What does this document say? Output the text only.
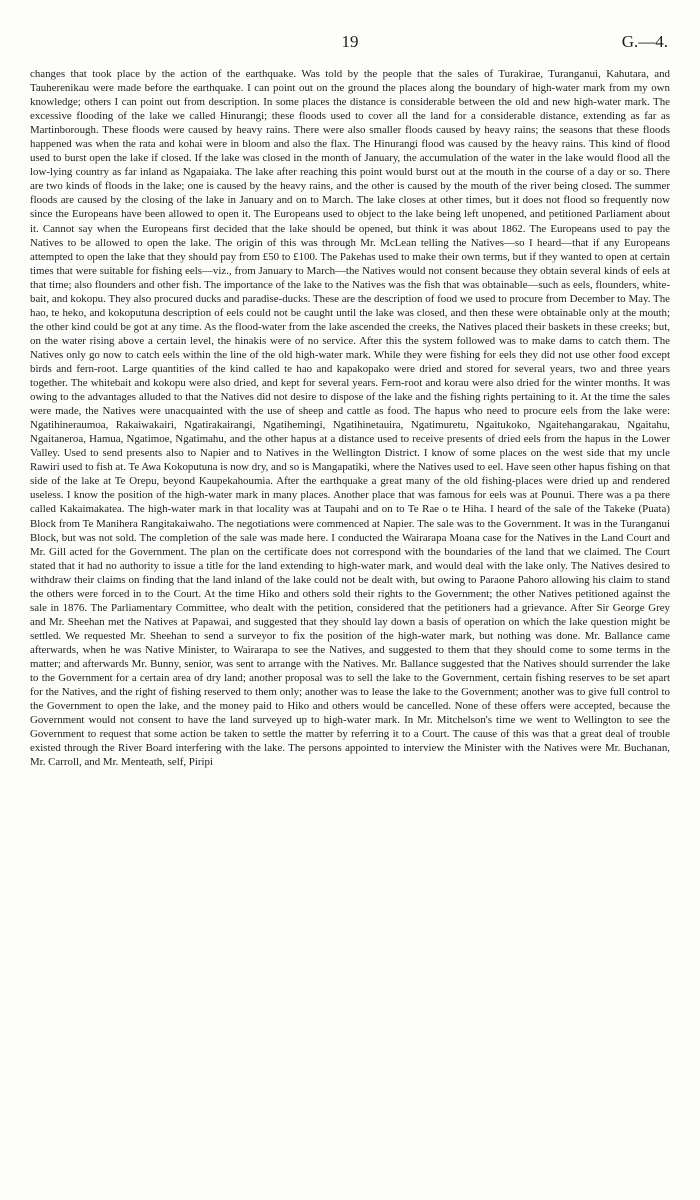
19	G.—4.

changes that took place by the action of the earthquake. Was told by the people that the sales of Turakirae, Turanganui, Kahutara, and Tauherenikau were made before the earthquake. I can point out on the ground the places along the boundary of high-water mark from my own knowledge; others I can point out from description. In some places the distance is considerable between the old and new high-water mark. The excessive flooding of the lake we called Hinurangi; these floods used to cover all the land for a considerable distance, extending as far as Martinborough. These floods were caused by heavy rains. There were also smaller floods caused by heavy rains; the seasons that these floods happened was when the rata and kohai were in bloom and also the flax. The Hinurangi flood was caused by the heavy rains. This kind of flood used to burst open the lake if closed. If the lake was closed in the month of January, the accumulation of the water in the lake would flood all the low-lying country as far inland as Ngapaiaka. The lake after reaching this point would burst out at the mouth in the course of a day or so. There are two kinds of floods in the lake; one is caused by the heavy rains, and the other is caused by the mouth of the river being closed. The summer floods are caused by the closing of the lake in January and on to March. The lake closes at other times, but it does not flood so frequently now since the Europeans have been allowed to open it. The Europeans used to object to the lake being left unopened, and petitioned Parliament about it. Cannot say when the Europeans first decided that the lake should be opened, but think it was about 1862. The Europeans used to pay the Natives to be allowed to open the lake. The origin of this was through Mr. McLean telling the Natives—so I heard—that if any Europeans attempted to open the lake that they should pay from £50 to £100. The Pakehas used to make their own terms, but if they wanted to open at certain times that were suitable for fishing eels—viz., from January to March—the Natives would not consent because they obtain several kinds of eels at that time; also flounders and other fish. The importance of the lake to the Natives was the fish that was obtainable—such as eels, flounders, white-bait, and kokopu. They also procured ducks and paradise-ducks. These are the description of food we used to procure from December to May. The hao, te heko, and kokoputuna description of eels could not be caught until the lake was closed, and then these were obtainable only at the mouth; the other kind could be got at any time. As the flood-water from the lake ascended the creeks, the Natives placed their baskets in these creeks; but, on the water rising above a certain level, the hinakis were of no service. After this the system followed was to make dams to catch them. The Natives only go now to catch eels within the line of the old high-water mark. While they were fishing for eels they did not use other food except birds and fern-root. Large quantities of the kind called te hao and kapakopako were dried and stored for several years, two and three years together. The whitebait and kokopu were also dried, and kept for several years. Fern-root and korau were also dried for the winter months. It was owing to the advantages alluded to that the Natives did not desire to dispose of the lake and the fishing rights pertaining to it. At the time the sales were made, the Natives were unacquainted with the use of sheep and cattle as food. The hapus who need to procure eels from the lake were: Ngatihineraumoa, Rakaiwakairi, Ngatirakairangi, Ngatihemingi, Ngatihinetauira, Ngatimuretu, Ngaitukoko, Ngaitehangarakau, Ngaitahu, Ngaitaneroa, Hamua, Ngatimoe, Ngatimahu, and the other hapus at a distance used to receive presents of dried eels from the hapus in the Lower Valley. Used to send presents also to Napier and to Natives in the Wellington District. I know of some places on the west side that my uncle Rawiri used to fish at. Te Awa Kokoputuna is now dry, and so is Mangapatiki, where the Natives used to eel. Have seen other hapus fishing on that side of the lake at Te Orepu, beyond Kaupekahoumia. After the earthquake a great many of the old fishing-places were dried up and rendered useless. I know the position of the high-water mark in many places. Another place that was famous for eels was at Pounui. There was a pa there called Kakaimakatea. The high-water mark in that locality was at Taupahi and on to Te Rae o te Hiha. I heard of the sale of the Takeke (Puata) Block from Te Manihera Rangitakaiwaho. The negotiations were commenced at Napier. The sale was to the Government. It was in the Turanganui Block, but was not sold. The completion of the sale was made here. I conducted the Wairarapa Moana case for the Natives in the Land Court and Mr. Gill acted for the Government. The plan on the certificate does not correspond with the boundaries of the land that we claimed. The Court stated that it had no authority to issue a title for the land extending to high-water mark, and would deal with the lake only. The Natives desired to withdraw their claims on finding that the land inland of the lake could not be dealt with, but owing to Paraone Pahoro allowing his claim to stand the others were forced in to the Court. At the time Hiko and others sold their rights to the Government; the other Natives petitioned against the sale in 1876. The Parliamentary Committee, who dealt with the petition, considered that the petitioners had a grievance. After Sir George Grey and Mr. Sheehan met the Natives at Papawai, and suggested that they should lay down a basis of operation on which the lake question might be settled. We requested Mr. Sheehan to send a surveyor to fix the position of the high-water mark, but nothing was done. Mr. Ballance came afterwards, when he was Native Minister, to Wairarapa to see the Natives, and suggested to them that they should come to some terms in the matter; and afterwards Mr. Bunny, senior, was sent to arrange with the Natives. Mr. Ballance suggested that the Natives should surrender the lake to the Government for a certain area of dry land; another proposal was to sell the lake to the Government, certain fishing reserves to be set apart for the Natives, and the right of fishing reserved to them only; another was to lease the lake to the Government; another was to give full control to the Government to open the lake, and the money paid to Hiko and others would be cancelled. None of these offers were accepted, because the Government would not consent to have the land surveyed up to high-water mark. In Mr. Mitchelson's time we went to Wellington to see the Government to request that some action be taken to settle the matter by referring it to a Court. The cause of this was that a great deal of trouble existed through the River Board interfering with the lake. The persons appointed to interview the Minister with the Natives were Mr. Buchanan, Mr. Carroll, and Mr. Menteath, self, Piripi
